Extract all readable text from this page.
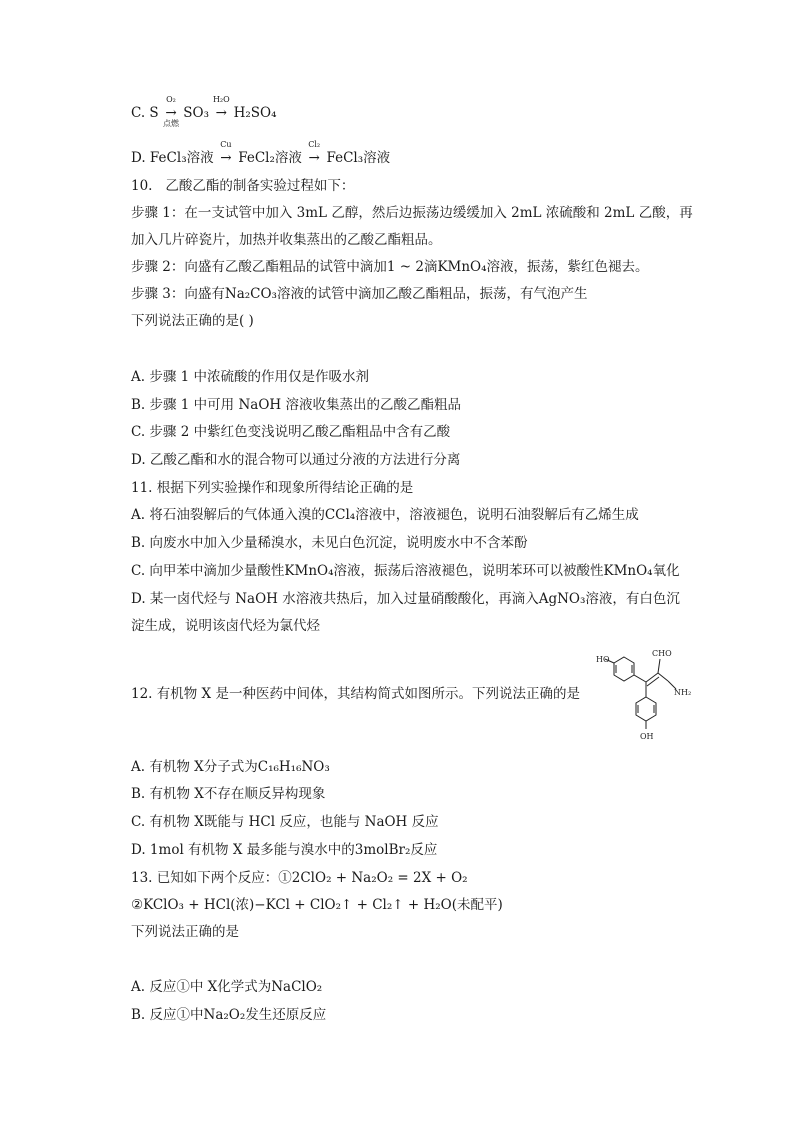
C. S
O₂
→
点燃
SO₃
H₂O
→ H₂SO₄
D. FeCl₃溶液
Cu
→ FeCl₂溶液
Cl₂
→ FeCl₃溶液
10. 乙酸乙酯的制备实验过程如下：
步骤 1：在一支试管中加入 3mL 乙醇，然后边振荡边缓缓加入 2mL 浓硫酸和 2mL 乙酸，再
加入几片碎瓷片，加热并收集蒸出的乙酸乙酯粗品。
步骤 2：向盛有乙酸乙酯粗品的试管中滴加1 ~ 2滴KMnO₄溶液，振荡，紫红色褪去。
步骤 3：向盛有Na₂CO₃溶液的试管中滴加乙酸乙酯粗品，振荡，有气泡产生
下列说法正确的是( )
A. 步骤 1 中浓硫酸的作用仅是作吸水剂
B. 步骤 1 中可用 NaOH 溶液收集蒸出的乙酸乙酯粗品
C. 步骤 2 中紫红色变浅说明乙酸乙酯粗品中含有乙酸
D. 乙酸乙酯和水的混合物可以通过分液的方法进行分离
11. 根据下列实验操作和现象所得结论正确的是
A. 将石油裂解后的气体通入溴的CCl₄溶液中，溶液褪色，说明石油裂解后有乙烯生成
B. 向废水中加入少量稀溴水，未见白色沉淀，说明废水中不含苯酚
C. 向甲苯中滴加少量酸性KMnO₄溶液，振荡后溶液褪色，说明苯环可以被酸性KMnO₄氧化
D. 某一卤代烃与 NaOH 水溶液共热后，加入过量硝酸酸化，再滴入AgNO₃溶液，有白色沉
淀生成，说明该卤代烃为氯代烃
12. 有机物 X 是一种医药中间体，其结构简式如图所示。下列说法正确的是
HO
CHO
NH₂
OH
A. 有机物 X分子式为C₁₆H₁₆NO₃
B. 有机物 X不存在顺反异构现象
C. 有机物 X既能与 HCl 反应，也能与 NaOH 反应
D. 1mol 有机物 X 最多能与溴水中的3molBr₂反应
13. 已知如下两个反应：①2ClO₂ + Na₂O₂ = 2X + O₂
②KClO₃ + HCl(浓)−KCl + ClO₂↑ + Cl₂↑ + H₂O(未配平)
下列说法正确的是
A. 反应①中 X化学式为NaClO₂
B. 反应①中Na₂O₂发生还原反应
